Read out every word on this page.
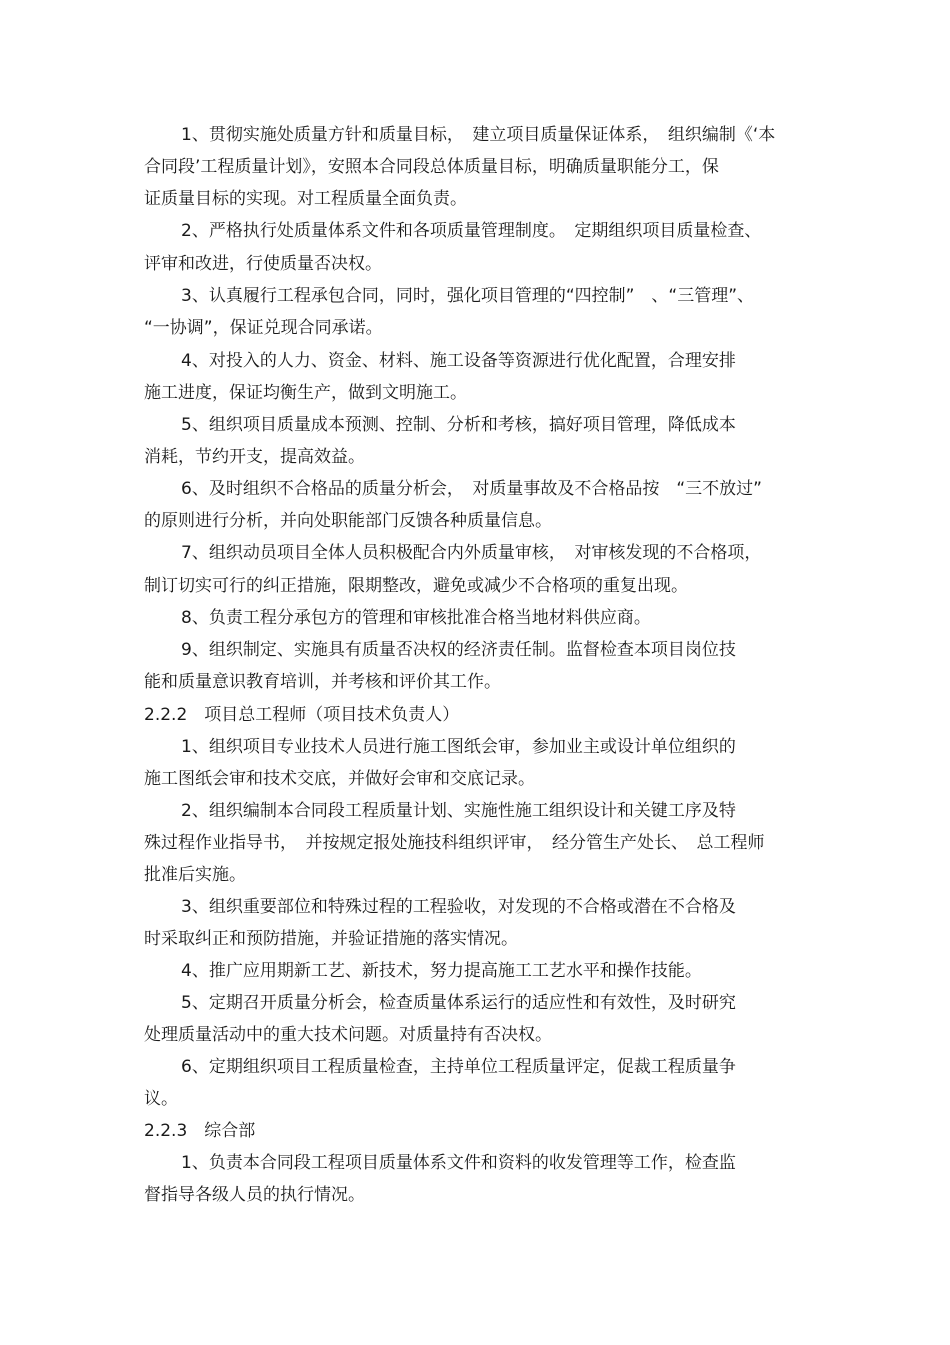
1、贯彻实施处质量方针和质量目标，　建立项目质量保证体系，　组织编制《‘本

合同段’工程质量计划》，安照本合同段总体质量目标，明确质量职能分工，保

证质量目标的实现。对工程质量全面负责。

2、严格执行处质量体系文件和各项质量管理制度。　定期组织项目质量检查、

评审和改进，行使质量否决权。

3、认真履行工程承包合同，同时，强化项目管理的“四控制”　、“三管理”、

“一协调”，保证兑现合同承诺。

4、对投入的人力、资金、材料、施工设备等资源进行优化配置，合理安排

施工进度，保证均衡生产，做到文明施工。

5、组织项目质量成本预测、控制、分析和考核，搞好项目管理，降低成本

消耗，节约开支，提高效益。

6、及时组织不合格品的质量分析会，　对质量事故及不合格品按　“三不放过”

的原则进行分析，并向处职能部门反馈各种质量信息。

7、组织动员项目全体人员积极配合内外质量审核，　对审核发现的不合格项，

制订切实可行的纠正措施，限期整改，避免或减少不合格项的重复出现。

8、负责工程分承包方的管理和审核批准合格当地材料供应商。

9、组织制定、实施具有质量否决权的经济责任制。监督检查本项目岗位技

能和质量意识教育培训，并考核和评价其工作。

2.2.2　项目总工程师（项目技术负责人）

1、组织项目专业技术人员进行施工图纸会审，参加业主或设计单位组织的

施工图纸会审和技术交底，并做好会审和交底记录。

2、组织编制本合同段工程质量计划、实施性施工组织设计和关键工序及特

殊过程作业指导书，　并按规定报处施技科组织评审，　经分管生产处长、　总工程师

批准后实施。

3、组织重要部位和特殊过程的工程验收，对发现的不合格或潜在不合格及

时采取纠正和预防措施，并验证措施的落实情况。

4、推广应用期新工艺、新技术，努力提高施工工艺水平和操作技能。

5、定期召开质量分析会，检查质量体系运行的适应性和有效性，及时研究

处理质量活动中的重大技术问题。对质量持有否决权。

6、定期组织项目工程质量检查，主持单位工程质量评定，促裁工程质量争

议。

2.2.3　综合部

1、负责本合同段工程项目质量体系文件和资料的收发管理等工作，检查监

督指导各级人员的执行情况。
